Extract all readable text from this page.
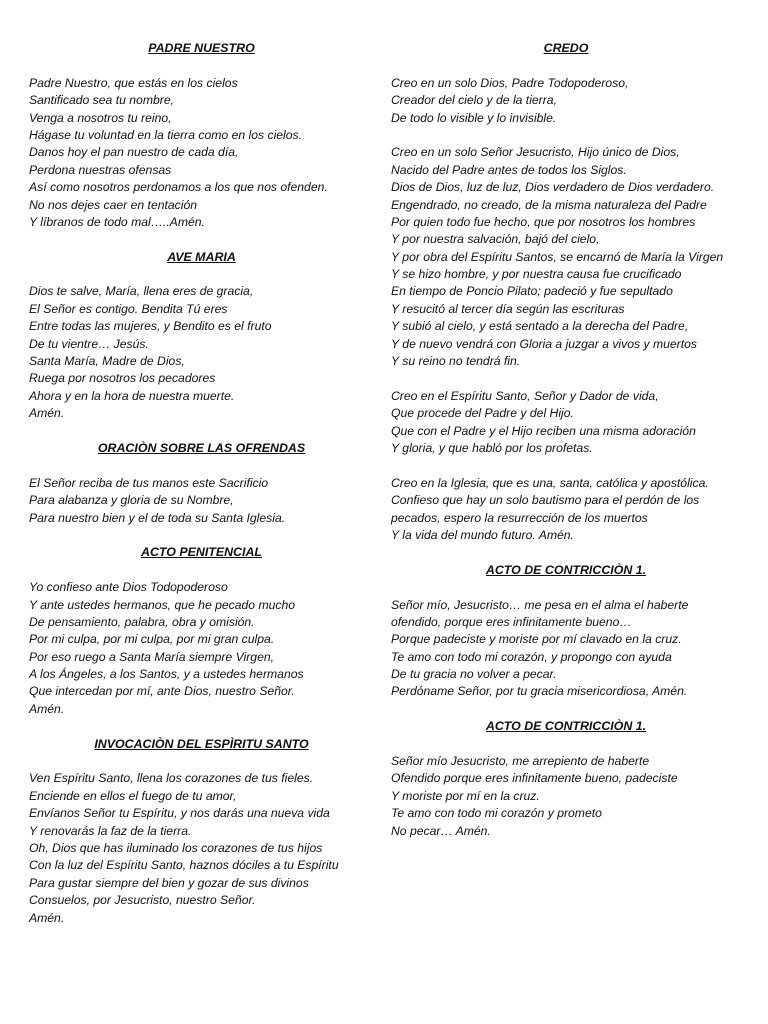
PADRE NUESTRO
Padre Nuestro, que estás en los cielos
Santificado sea tu nombre,
Venga a nosotros tu reino,
Hágase tu voluntad en la tierra como en los cielos.
Danos hoy el pan nuestro de cada día,
Perdona nuestras ofensas
Así como nosotros perdonamos a los que nos ofenden.
No nos dejes caer en tentación
Y líbranos de todo mal…..Amén.
AVE MARIA
Dios te salve, María, llena eres de gracia,
El Señor es contigo. Bendita Tú eres
Entre todas las mujeres, y Bendito es el fruto
De tu vientre… Jesús.
Santa María, Madre de Dios,
Ruega por nosotros los pecadores
Ahora y en la hora de nuestra muerte.
Amén.
ORACIÒN SOBRE LAS OFRENDAS
El Señor reciba de tus manos este Sacrificio
Para alabanza y gloria de su Nombre,
Para nuestro bien y el de toda su Santa Iglesia.
ACTO PENITENCIAL
Yo confieso ante Dios Todopoderoso
Y ante ustedes hermanos, que he pecado mucho
De pensamiento, palabra, obra y omisión.
Por mi culpa, por mi culpa, por mi gran culpa.
Por eso ruego a Santa María siempre Virgen,
A los Ángeles, a los Santos, y a ustedes hermanos
Que intercedan por mí, ante Dios, nuestro Señor.
Amén.
INVOCACIÒN DEL ESPÌRITU SANTO
Ven Espíritu Santo, llena los corazones de tus fieles.
Enciende en ellos el fuego de tu amor,
Envíanos Señor tu Espíritu, y nos darás una nueva vida
Y renovarás la faz de la tierra.
Oh, Dios que has iluminado los corazones de tus hijos
Con la luz del Espíritu Santo, haznos dóciles a tu Espíritu
Para gustar siempre del bien y gozar de sus divinos
Consuelos, por Jesucristo, nuestro Señor.
Amén.
CREDO
Creo en un solo Dios, Padre Todopoderoso,
Creador del cielo y de la tierra,
De todo lo visible y lo invisible.
Creo en un solo Señor Jesucristo, Hijo único de Dios,
Nacido del Padre antes de todos los Siglos.
Dios de Dios, luz de luz, Dios verdadero de Dios verdadero.
Engendrado, no creado, de la misma naturaleza del Padre
Por quien todo fue hecho, que por nosotros los hombres
Y por nuestra salvación, bajó del cielo,
Y por obra del Espíritu Santos, se encarnó de María la Virgen
Y se hizo hombre, y por nuestra causa fue crucificado
En tiempo de Poncio Pilato; padeció y fue sepultado
Y resucitó al tercer día según las escrituras
Y subió al cielo, y está sentado a la derecha del Padre,
Y de nuevo vendrá con Gloria a juzgar a vivos y muertos
Y su reino no tendrá fin.
Creo en el Espíritu Santo, Señor y Dador de vida,
Que procede del Padre y del Hijo.
Que con el Padre y el Hijo reciben una misma adoración
Y gloria, y que habló por los profetas.
Creo en la Iglesia, que es una, santa, católica y apostólica.
Confieso que hay un solo bautismo para el perdón de los
pecados, espero la resurrección de los muertos
Y la vida del mundo futuro. Amén.
ACTO DE CONTRICCIÒN 1.
Señor mío, Jesucristo… me pesa en el alma el haberte
ofendido, porque eres infinitamente bueno…
Porque padeciste y moriste por mí clavado en la cruz.
Te amo con todo mi corazón, y propongo con ayuda
De tu gracia no volver a pecar.
Perdóname Señor, por tu gracia misericordiosa, Amén.
ACTO DE CONTRICCIÒN 1.
Señor mío Jesucristo, me arrepiento de haberte
Ofendido porque eres infinitamente bueno, padeciste
Y moriste por mí en la cruz.
Te amo con todo mi corazón y prometo
No pecar… Amén.
